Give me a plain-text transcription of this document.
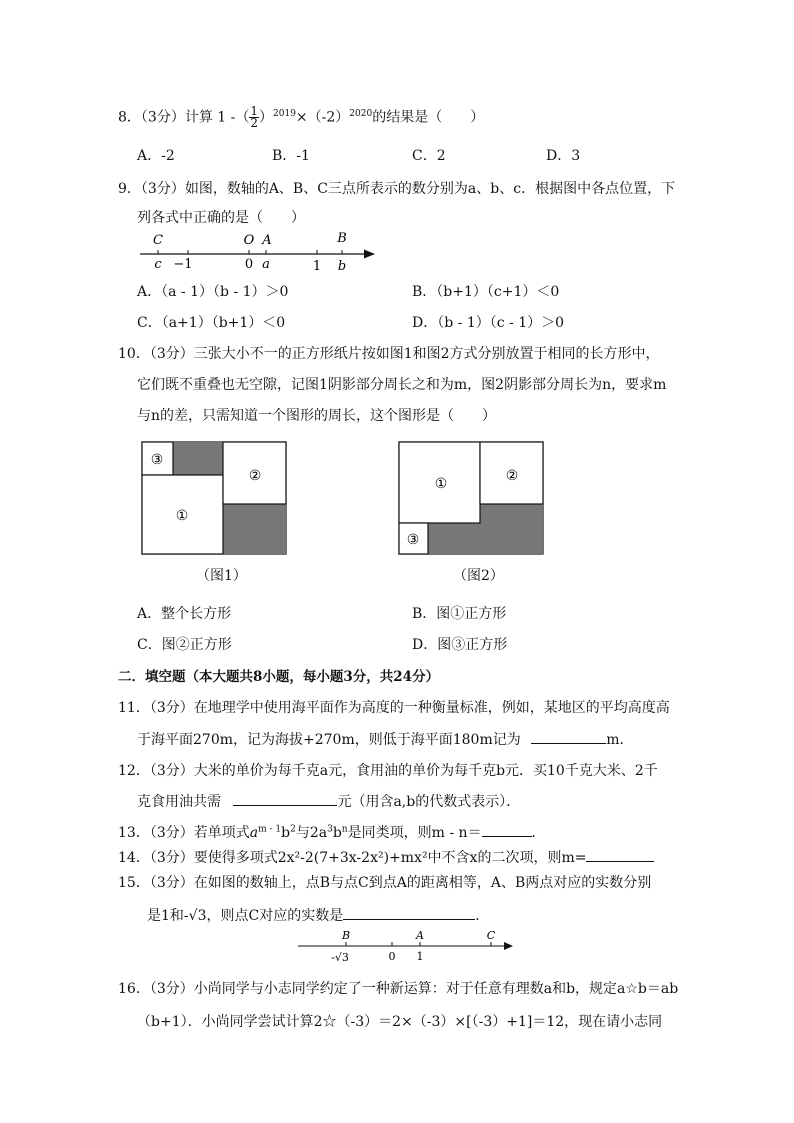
8．（3分）计算 1 -（ $\frac{1}{2} )^{2019}\times(-2)^{2020}$的结果是（　　）
A．-2	B．-1	C．2	D．3
9．（3分）如图，数轴的A、B、C三点所表示的数分别为a、b、c．根据图中各点位置，下
列各式中正确的是（　　）
C	O A	B
c −1	0 a	1 b
A．（a - 1）（b - 1）＞0	B．（b+1）（c+1）＜0
C．（a+1）（b+1）＜0	D．（b - 1）（c - 1）＞0
10．（3分）三张大小不一的正方形纸片按如图1和图2方式分别放置于相同的长方形中，
它们既不重叠也无空隙，记图1阴影部分周长之和为m，图2阴影部分周长为n，要求m
与n的差，只需知道一个图形的周长，这个图形是（　　）
③
①
②
（图1）
①	②
③
（图2）
A．整个长方形	B．图①正方形
C．图②正方形	D．图③正方形
二．填空题（本大题共8小题，每小题3分，共24分）
11．（3分）在地理学中使用海平面作为高度的一种衡量标准，例如，某地区的平均高度高
于海平面270m，记为海拔+270m，则低于海平面180m记为	m．
12．（3分）大米的单价为每千克a元，食用油的单价为每千克b元．买10千克大米、2千
克食用油共需	元（用含a,b的代数式表示）．
13．（3分）若单项式$a^{m - 1}b^2$与$2a^3b^n$是同类项，则m - n＝	．
14．（3分）要使得多项式2x²-2(7+3x-2x²)+mx²中不含x的二次项，则m=
15．（3分）在如图的数轴上，点B与点C到点A的距离相等，A、B两点对应的实数分别
是1和-√3，则点C对应的实数是	．
B	A	C
-√3	0 1
16．（3分）小尚同学与小志同学约定了一种新运算：对于任意有理数a和b，规定a☆b＝ab
（b+1）．小尚同学尝试计算2☆（-3）＝2×（-3）×[（-3）+1]＝12，现在请小志同
